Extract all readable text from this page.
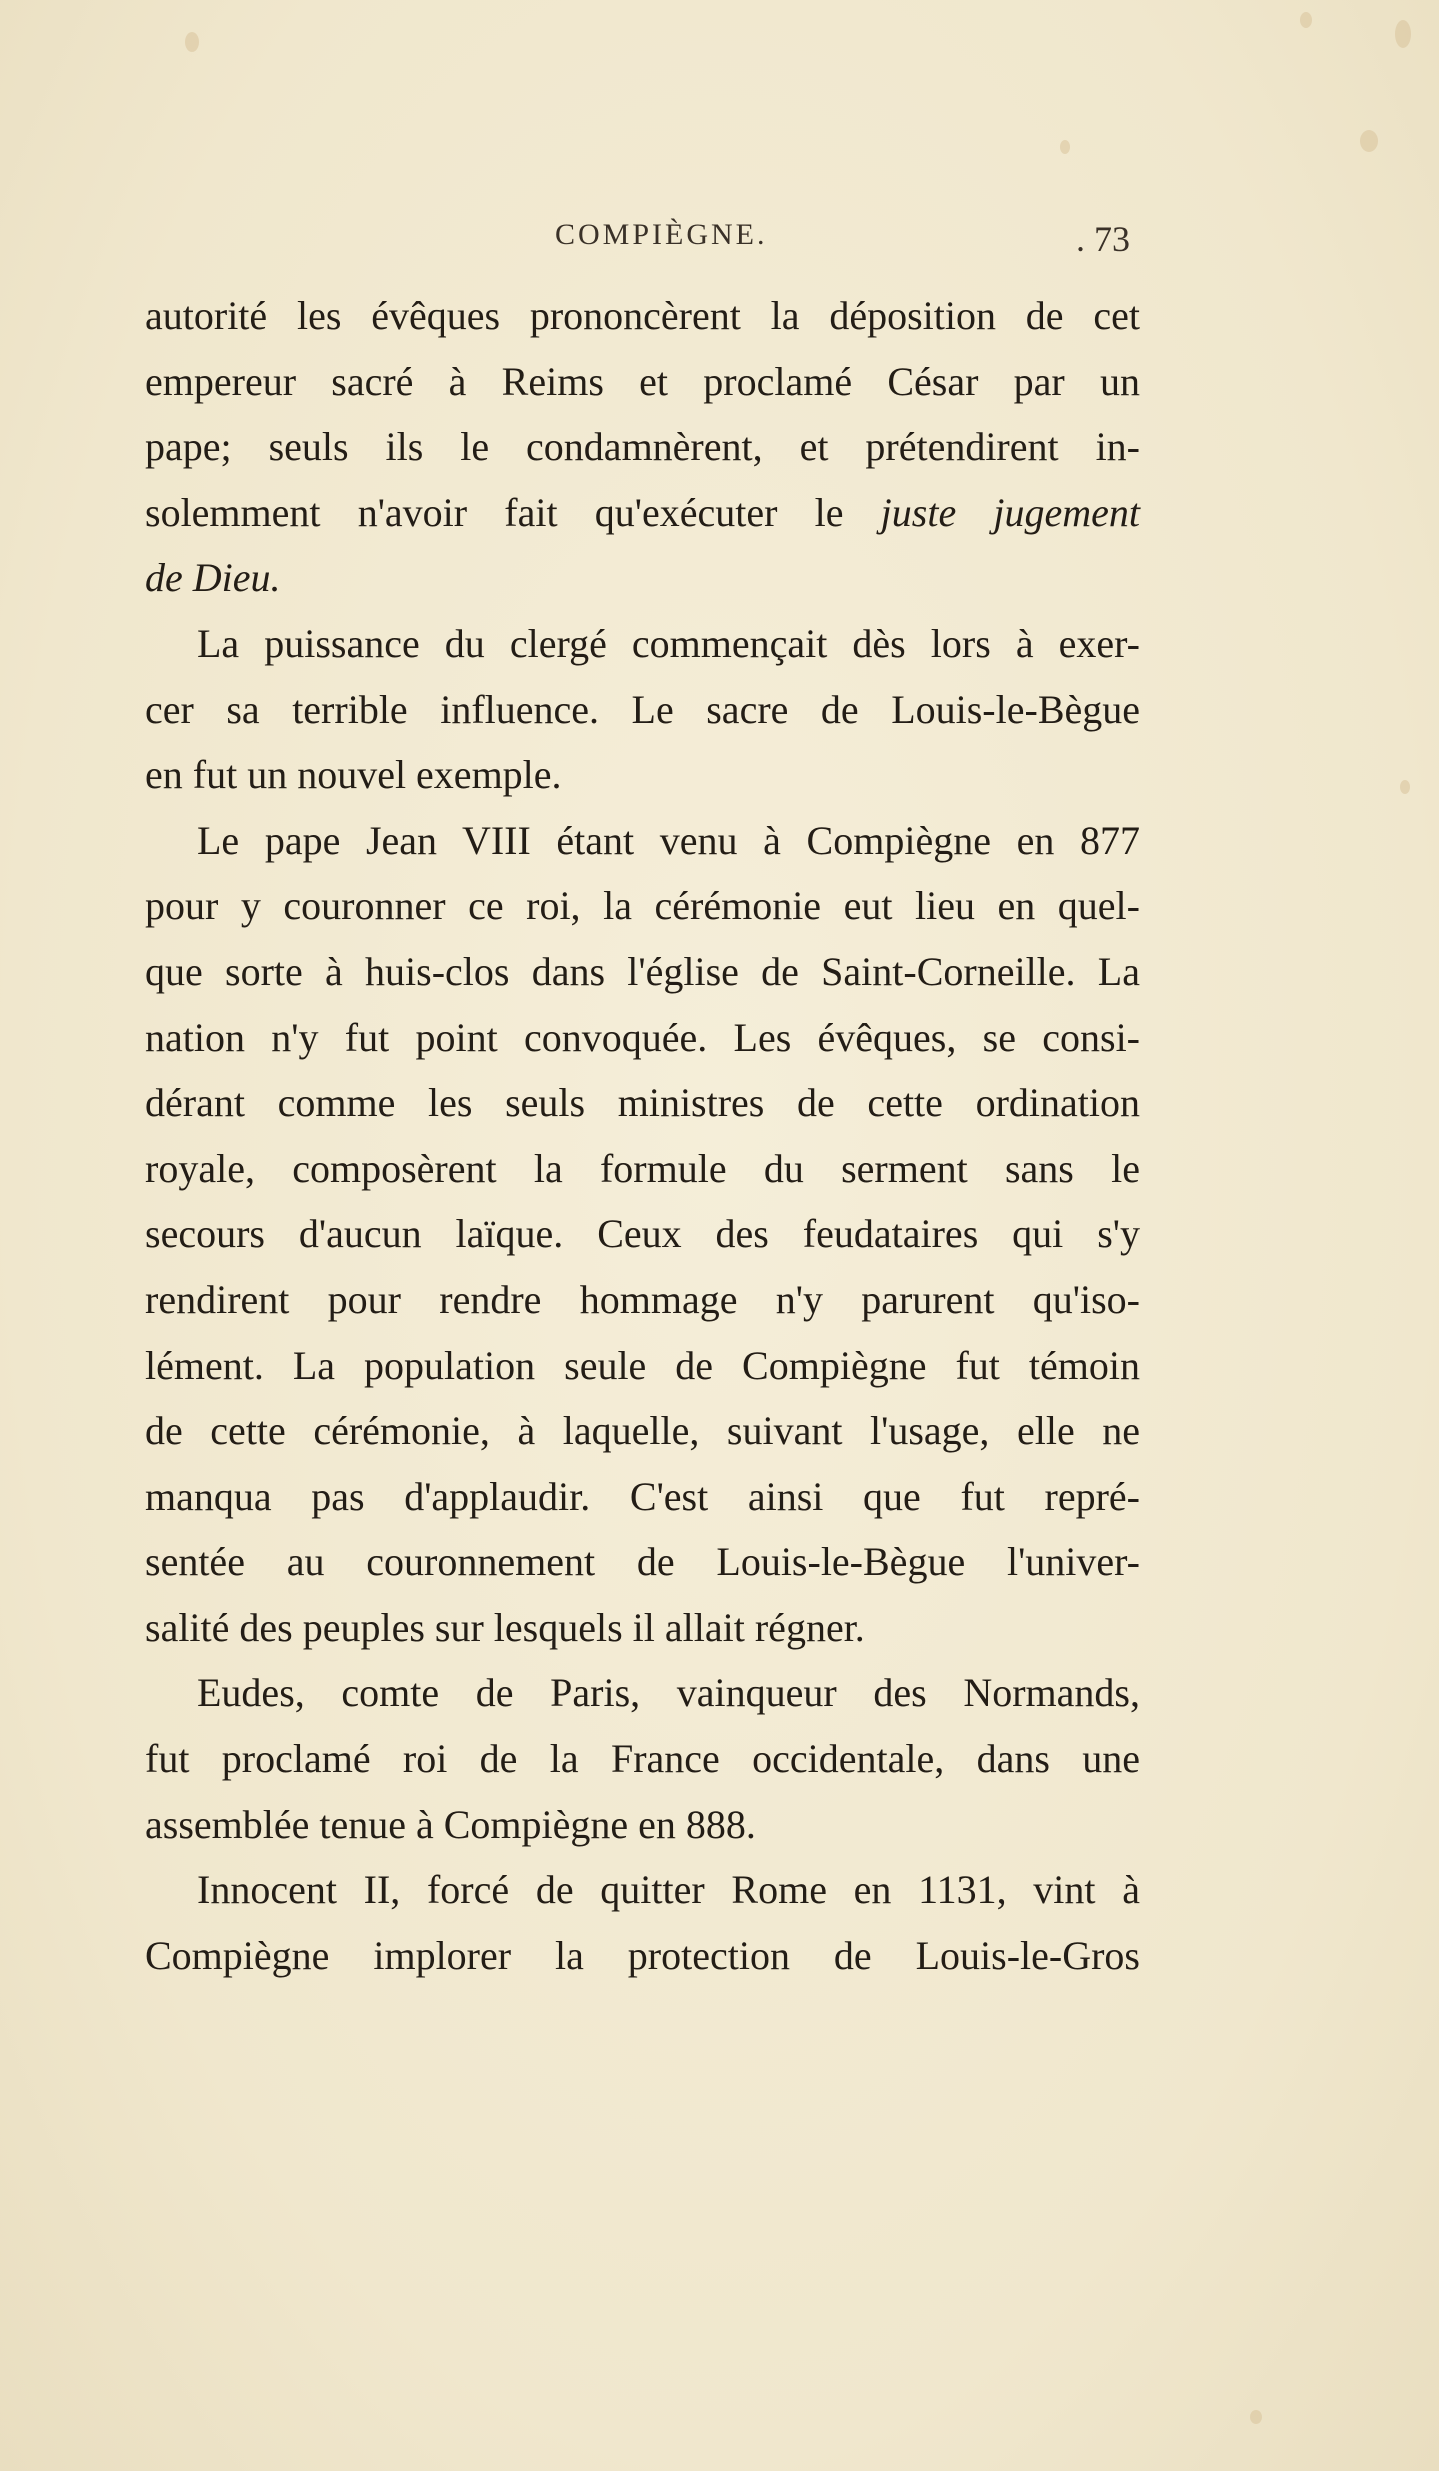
COMPIÈGNE.	. 73
autorité les évêques prononcèrent la déposition de cet
empereur sacré à Reims et proclamé César par un
pape; seuls ils le condamnèrent, et prétendirent in-
solemment n'avoir fait qu'exécuter le juste jugement
de Dieu.
La puissance du clergé commençait dès lors à exer-
cer sa terrible influence. Le sacre de Louis-le-Bègue
en fut un nouvel exemple.
Le pape Jean VIII étant venu à Compiègne en 877
pour y couronner ce roi, la cérémonie eut lieu en quel-
que sorte à huis-clos dans l'église de Saint-Corneille. La
nation n'y fut point convoquée. Les évêques, se consi-
dérant comme les seuls ministres de cette ordination
royale, composèrent la formule du serment sans le
secours d'aucun laïque. Ceux des feudataires qui s'y
rendirent pour rendre hommage n'y parurent qu'iso-
lément. La population seule de Compiègne fut témoin
de cette cérémonie, à laquelle, suivant l'usage, elle ne
manqua pas d'applaudir. C'est ainsi que fut repré-
sentée au couronnement de Louis-le-Bègue l'univer-
salité des peuples sur lesquels il allait régner.
Eudes, comte de Paris, vainqueur des Normands,
fut proclamé roi de la France occidentale, dans une
assemblée tenue à Compiègne en 888.
Innocent II, forcé de quitter Rome en 1131, vint à
Compiègne implorer la protection de Louis-le-Gros
